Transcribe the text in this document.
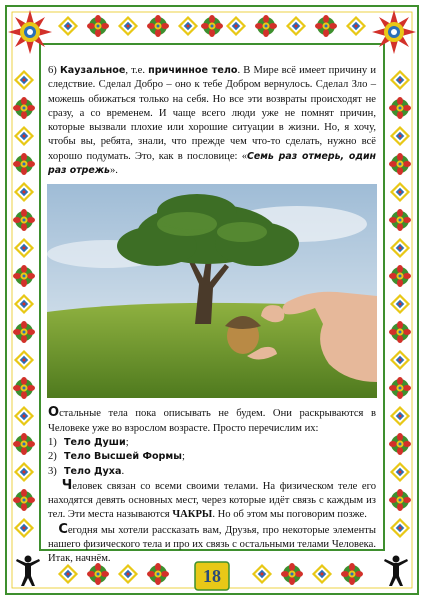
18

6) Каузальное, т.е. причинное тело. В Мире всё имеет причину и следствие. Сделал Добро – оно к тебе Добром вернулось. Сделал Зло – можешь обижаться только на себя. Но все эти возвраты происходят не сразу, а со временем. И чаще всего люди уже не помнят причин, которые вызвали плохие или хорошие ситуации в жизни. Но, я хочу, чтобы вы, ребята, знали, что прежде чем что-то сделать, нужно всё хорошо подумать. Это, как в пословице: «Семь раз отмерь, один раз отрежь».

Остальные тела пока описывать не будем. Они раскрываются в Человеке уже во взрослом возрасте. Просто перечислим их:

1) Тело Души;
2) Тело Высшей Формы;
3) Тело Духа.

Человек связан со всеми своими телами. На физическом теле его находятся девять основных мест, через которые идёт связь с каждым из тел. Эти места называются ЧАКРЫ. Но об этом мы поговорим позже.

Сегодня мы хотели рассказать вам, Друзья, про некоторые элементы нашего физического тела и про их связь с остальными телами Человека. Итак, начнём.
